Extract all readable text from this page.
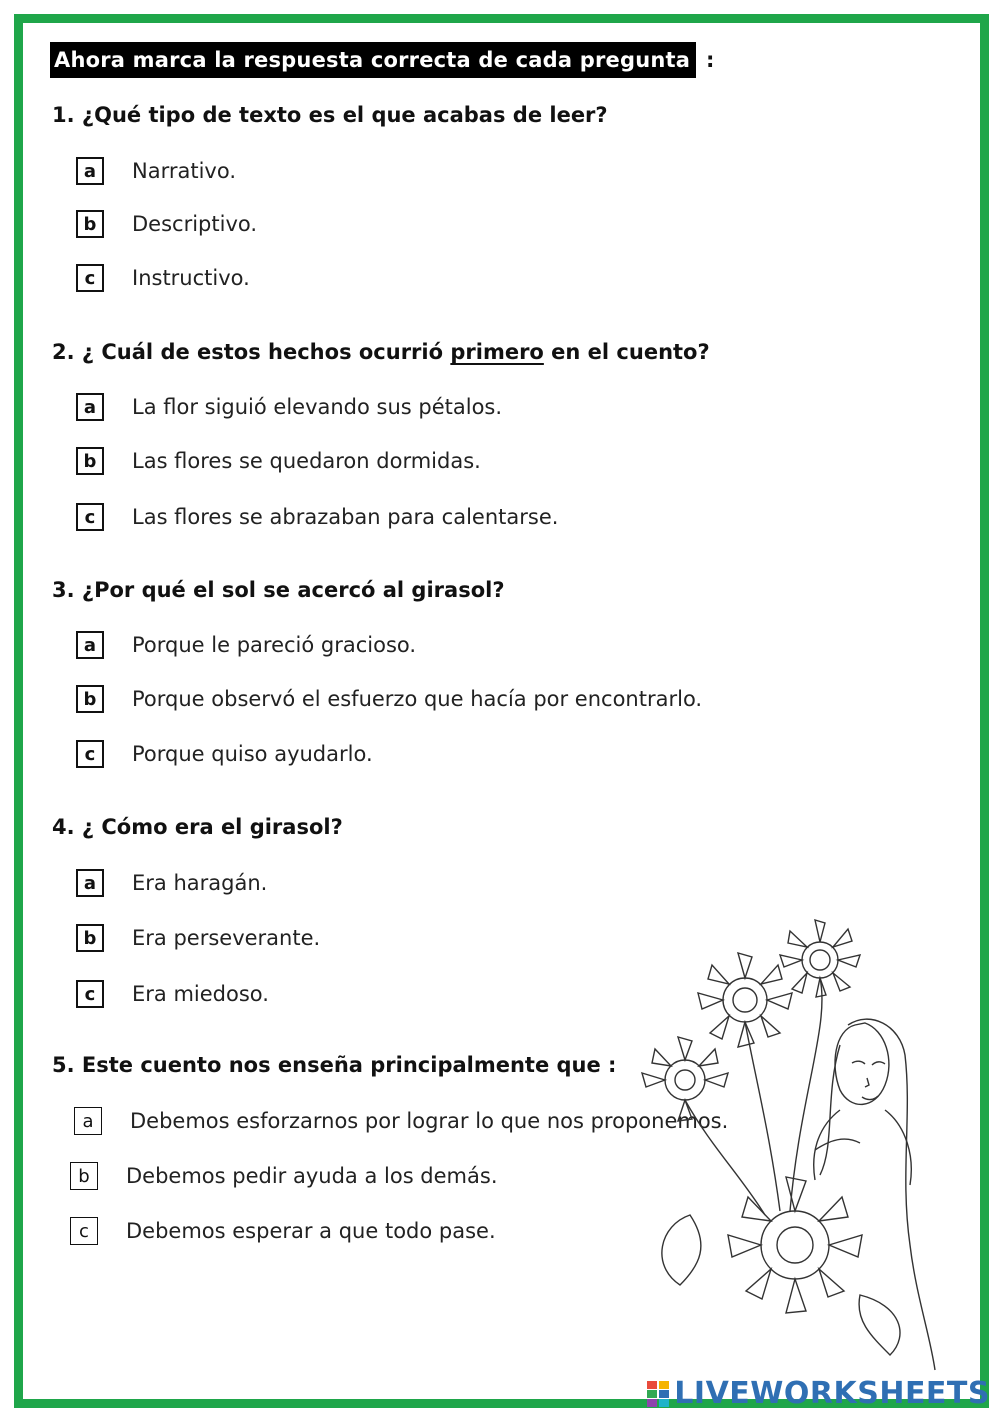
Ahora marca la respuesta correcta de cada pregunta :
1. ¿Qué tipo de texto es el que acabas de leer?
a	Narrativo.
b	Descriptivo.
c	Instructivo.
2. ¿ Cuál de estos hechos ocurrió primero en el cuento?
a	La flor siguió elevando sus pétalos.
b	Las flores se quedaron dormidas.
c	Las flores se abrazaban para calentarse.
3. ¿Por qué el sol se acercó al girasol?
a	Porque le pareció gracioso.
b	Porque observó el esfuerzo que hacía por encontrarlo.
c	Porque quiso ayudarlo.
4. ¿ Cómo era el girasol?
a	Era haragán.
b	Era perseverante.
c	Era miedoso.
5. Este cuento nos enseña principalmente que :
a	Debemos esforzarnos por lograr lo que nos proponemos.
b	Debemos pedir ayuda a los demás.
c	Debemos esperar a que todo pase.
LIVEWORKSHEETS
